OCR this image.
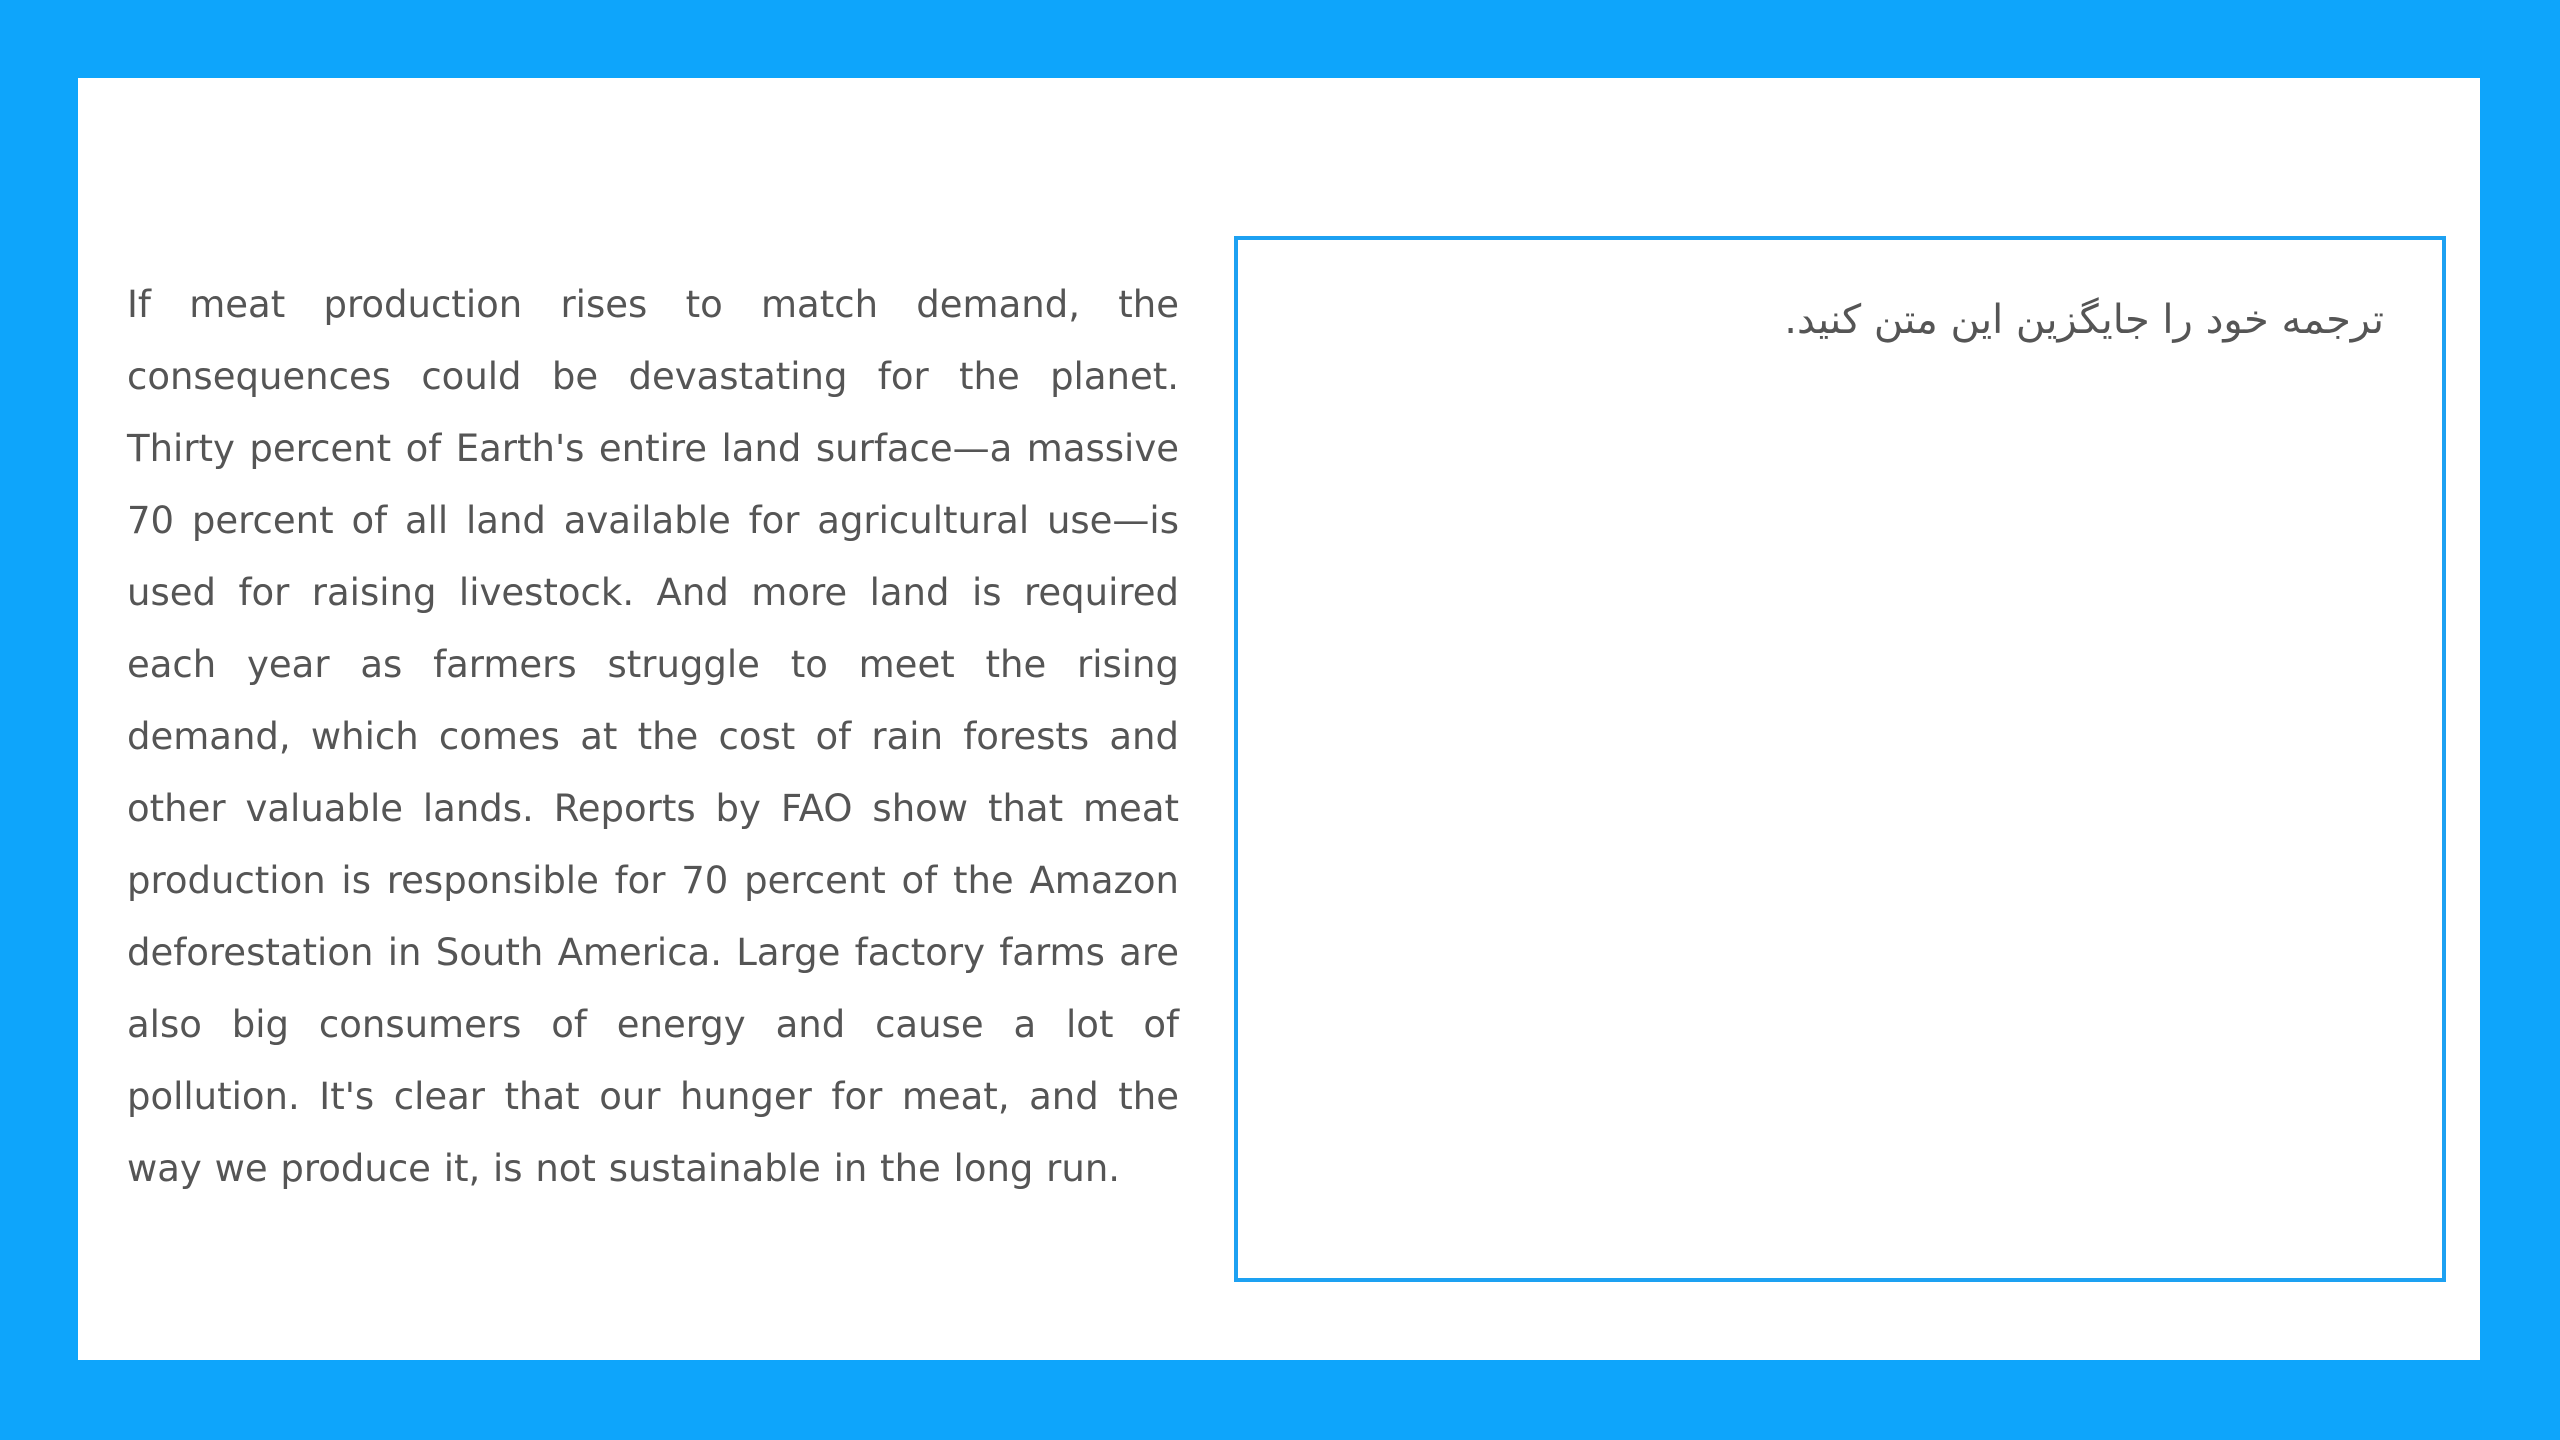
If meat production rises to match demand, the consequences could be devastating for the planet. Thirty percent of Earth's entire land surface—a massive 70 percent of all land available for agricultural use—is used for raising livestock. And more land is required each year as farmers struggle to meet the rising demand, which comes at the cost of rain forests and other valuable lands. Reports by FAO show that meat production is responsible for 70 percent of the Amazon deforestation in South America. Large factory farms are also big consumers of energy and cause a lot of pollution. It's clear that our hunger for meat, and the way we produce it, is not sustainable in the long run.

ترجمه خود را جایگزین این متن کنید.
